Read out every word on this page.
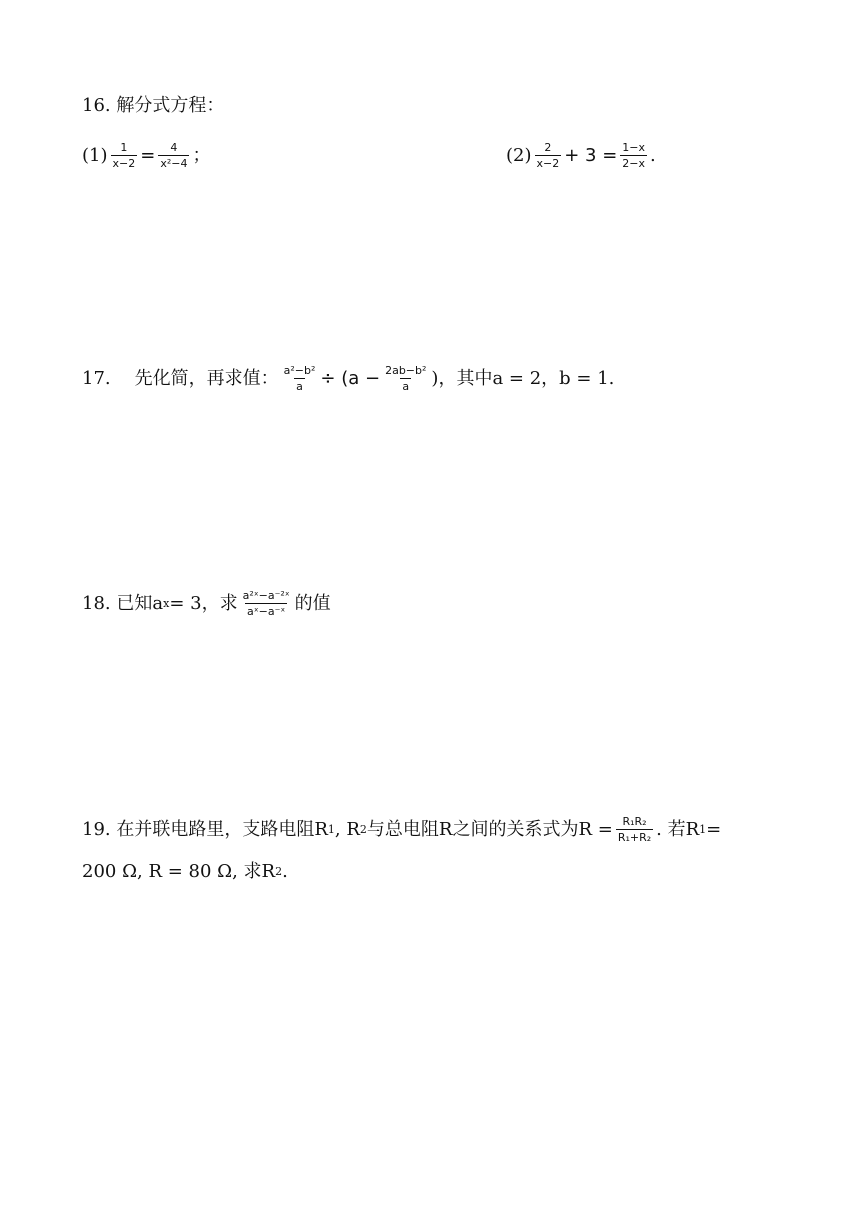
16. 解分式方程：
$(1) \frac{1}{x-2} = \frac{4}{\text{x²−4}}$ ；	$(2) \frac{2}{x-2} + 3 = \frac{1-x}{2-x}$ .
17. 先化简，再求值： $\frac{\text{a²−b²}}{a} \div (a - \frac{\text{2ab−b²}}{a}$ )，其中a = 2，b = 1.
18. 已知a x = 3，求 $\frac{\text{a²ˣ−a⁻²ˣ}}{\text{aˣ−a⁻ˣ}}$ 的值
19. 在并联电路里，支路电阻R 1 , R 2 与总电阻R之间的关系式为$R = \frac{\text{R₁R₂}}{\text{R₁+R₂}}$ . 若R 1 =
200 Ω, R = 80 Ω, 求R 2 .
